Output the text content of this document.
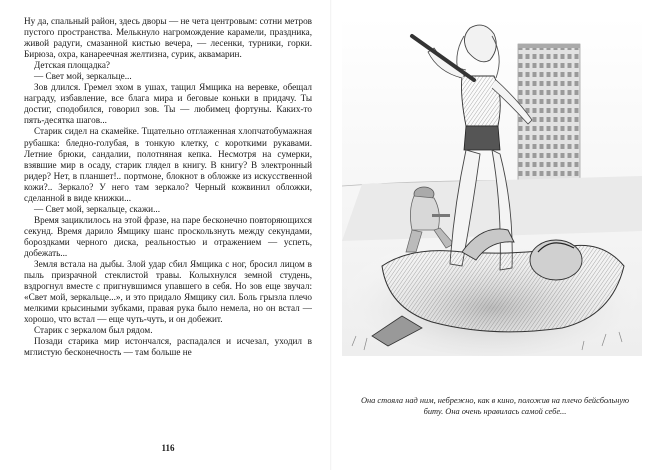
Ну да, спальный район, здесь дворы — не чета центровым: сотни метров пустого пространства. Мелькнуло нагромождение карамели, праздника, живой радуги, смазанной кистью вечера, — лесенки, турники, горки. Бирюза, охра, канареечная желтизна, сурик, аквамарин.

Детская площадка?

— Свет мой, зеркальце...

Зов длился. Гремел эхом в ушах, тащил Ямщика на веревке, обещал награду, избавление, все блага мира и беговые коньки в придачу. Ты достиг, сподобился, говорил зов. Ты — любимец фортуны. Каких-то пять-десятка шагов...

Старик сидел на скамейке. Тщательно отглаженная хлопчатобумажная рубашка: бледно-голубая, в тонкую клетку, с короткими рукавами. Летние брюки, сандалии, полотняная кепка. Несмотря на сумерки, взявшие мир в осаду, старик глядел в книгу. В книгу? В электронный ридер? Нет, в планшет!.. портмоне, блокнот в обложке из искусственной кожи?.. Зеркало? У него там зеркало? Черный кожвинил обложки, сделанной в виде книжки...

— Свет мой, зеркальце, скажи...

Время зациклилось на этой фразе, на паре бесконечно повторяющихся секунд. Время дарило Ямщику шанс проскользнуть между секундами, бороздками черного диска, реальностью и отражением — успеть, добежать...

Земля встала на дыбы. Злой удар сбил Ямщика с ног, бросил лицом в пыль призрачной стеклистой травы. Колыхнулся земной студень, вздрогнул вместе с пригнувшимся упавшего в себя. Но зов еще звучал: «Свет мой, зеркальце...», и это придало Ямщику сил. Боль грызла плечо мелкими крысиными зубками, правая рука было немела, но он встал — хорошо, что встал — еще чуть-чуть, и он добежит.

Старик с зеркалом был рядом.

Позади старика мир истончался, распадался и исчезал, уходил в мглистую бесконечность — там больше не

116
Она стояла над ним, небрежно, как в кино, положив на плечо бейсбольную биту. Она очень нравилась самой себе...
